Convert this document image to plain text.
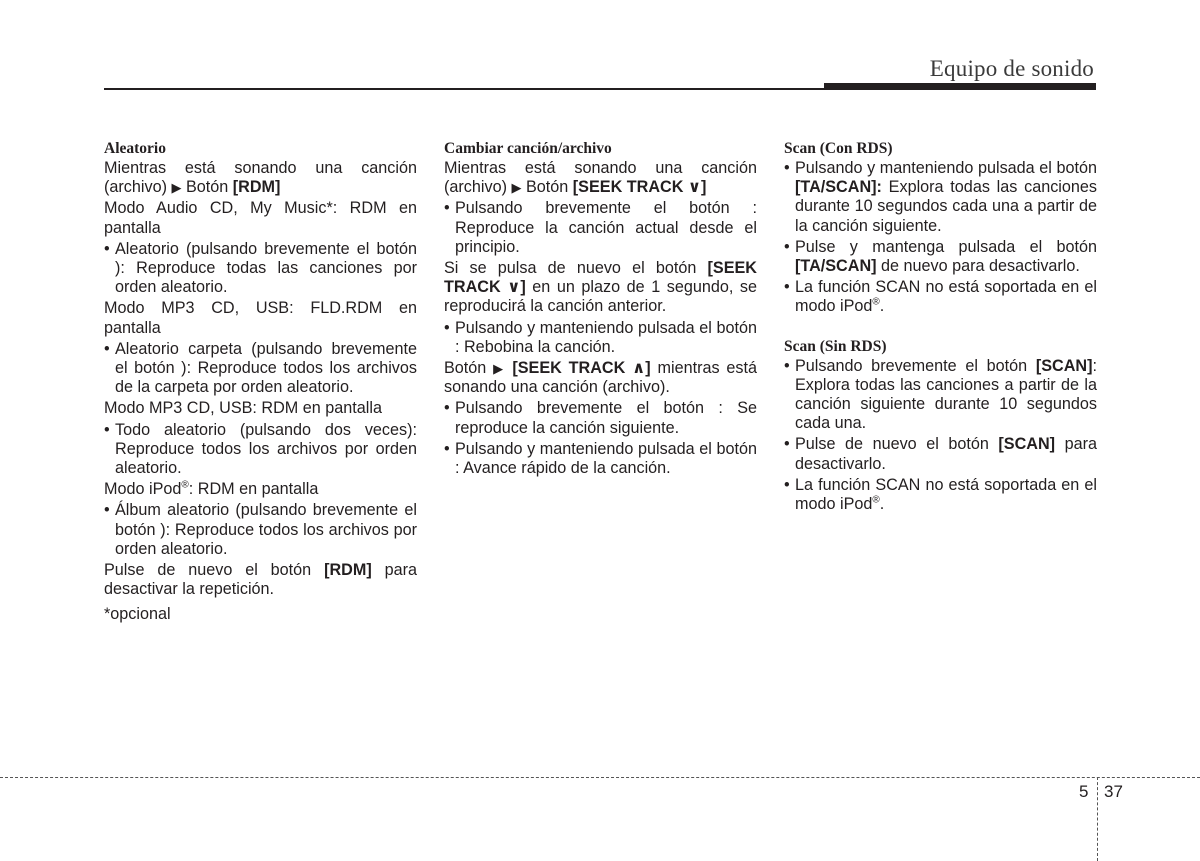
Equipo de sonido
Aleatorio
Mientras está sonando una canción (archivo) ▶ Botón [RDM]
Modo Audio CD, My Music*: RDM en pantalla
• Aleatorio (pulsando brevemente el botón ): Reproduce todas las canciones por orden aleatorio.
Modo MP3 CD, USB: FLD.RDM en pantalla
• Aleatorio carpeta (pulsando brevemente el botón ): Reproduce todos los archivos de la carpeta por orden aleatorio.
Modo MP3 CD, USB: RDM en pantalla
• Todo aleatorio (pulsando dos veces): Reproduce todos los archivos por orden aleatorio.
Modo iPod®: RDM en pantalla
• Álbum aleatorio (pulsando brevemente el botón ): Reproduce todos los archivos por orden aleatorio.
Pulse de nuevo el botón [RDM] para desactivar la repetición.
*opcional
Cambiar canción/archivo
Mientras está sonando una canción (archivo) ▶ Botón [SEEK TRACK ∨]
• Pulsando brevemente el botón : Reproduce la canción actual desde el principio.
Si se pulsa de nuevo el botón [SEEK TRACK ∨] en un plazo de 1 segundo, se reproducirá la canción anterior.
• Pulsando y manteniendo pulsada el botón : Rebobina la canción.
Botón ▶ [SEEK TRACK ∧] mientras está sonando una canción (archivo).
• Pulsando brevemente el botón : Se reproduce la canción siguiente.
• Pulsando y manteniendo pulsada el botón : Avance rápido de la canción.
Scan (Con RDS)
• Pulsando y manteniendo pulsada el botón [TA/SCAN]: Explora todas las canciones durante 10 segundos cada una a partir de la canción siguiente.
• Pulse y mantenga pulsada el botón [TA/SCAN] de nuevo para desactivarlo.
• La función SCAN no está soportada en el modo iPod®.
Scan (Sin RDS)
• Pulsando brevemente el botón [SCAN]: Explora todas las canciones a partir de la canción siguiente durante 10 segundos cada una.
• Pulse de nuevo el botón [SCAN] para desactivarlo.
• La función SCAN no está soportada en el modo iPod®.
5 37
